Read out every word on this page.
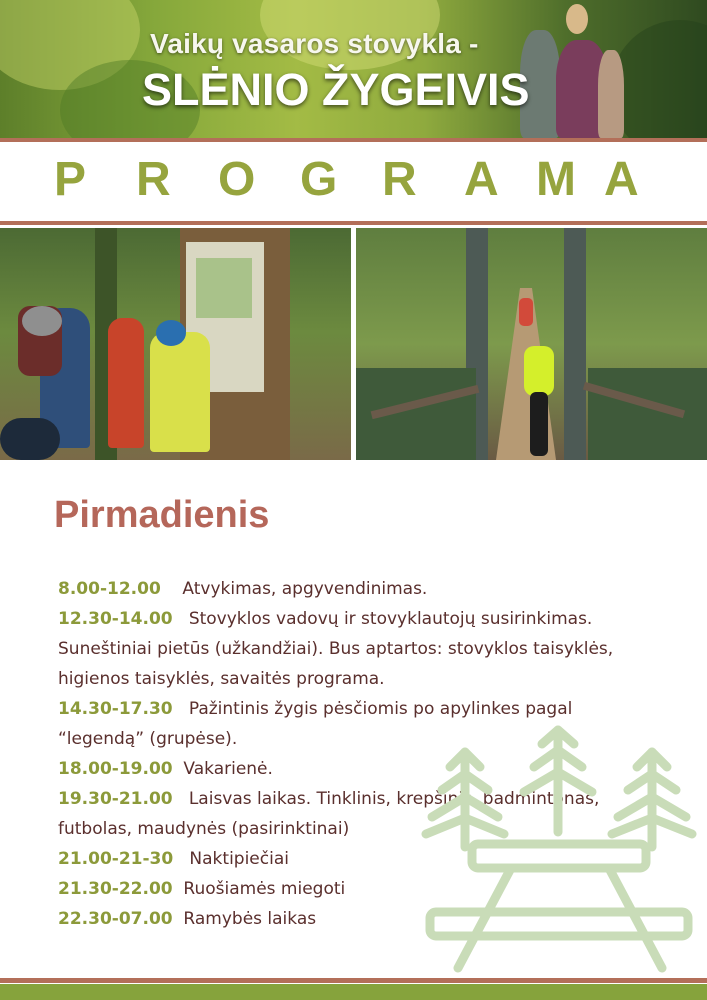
Vaikų vasaros stovykla -
SLĖNIO ŽYGEIVIS
P R O G R A M A
Pirmadienis
8.00-12.00 Atvykimas, apgyvendinimas.
12.30-14.00 Stovyklos vadovų ir stovyklautojų susirinkimas.
Suneštiniai pietūs (užkandžiai). Bus aptartos: stovyklos taisyklės,
higienos taisyklės, savaitės programa.
14.30-17.30 Pažintinis žygis pėsčiomis po apylinkes pagal
“legendą” (grupėse).
18.00-19.00 Vakarienė.
19.30-21.00 Laisvas laikas. Tinklinis, krepšinis, badmintonas,
futbolas, maudynės (pasirinktinai)
21.00-21-30 Naktipiečiai
21.30-22.00 Ruošiamės miegoti
22.30-07.00 Ramybės laikas
